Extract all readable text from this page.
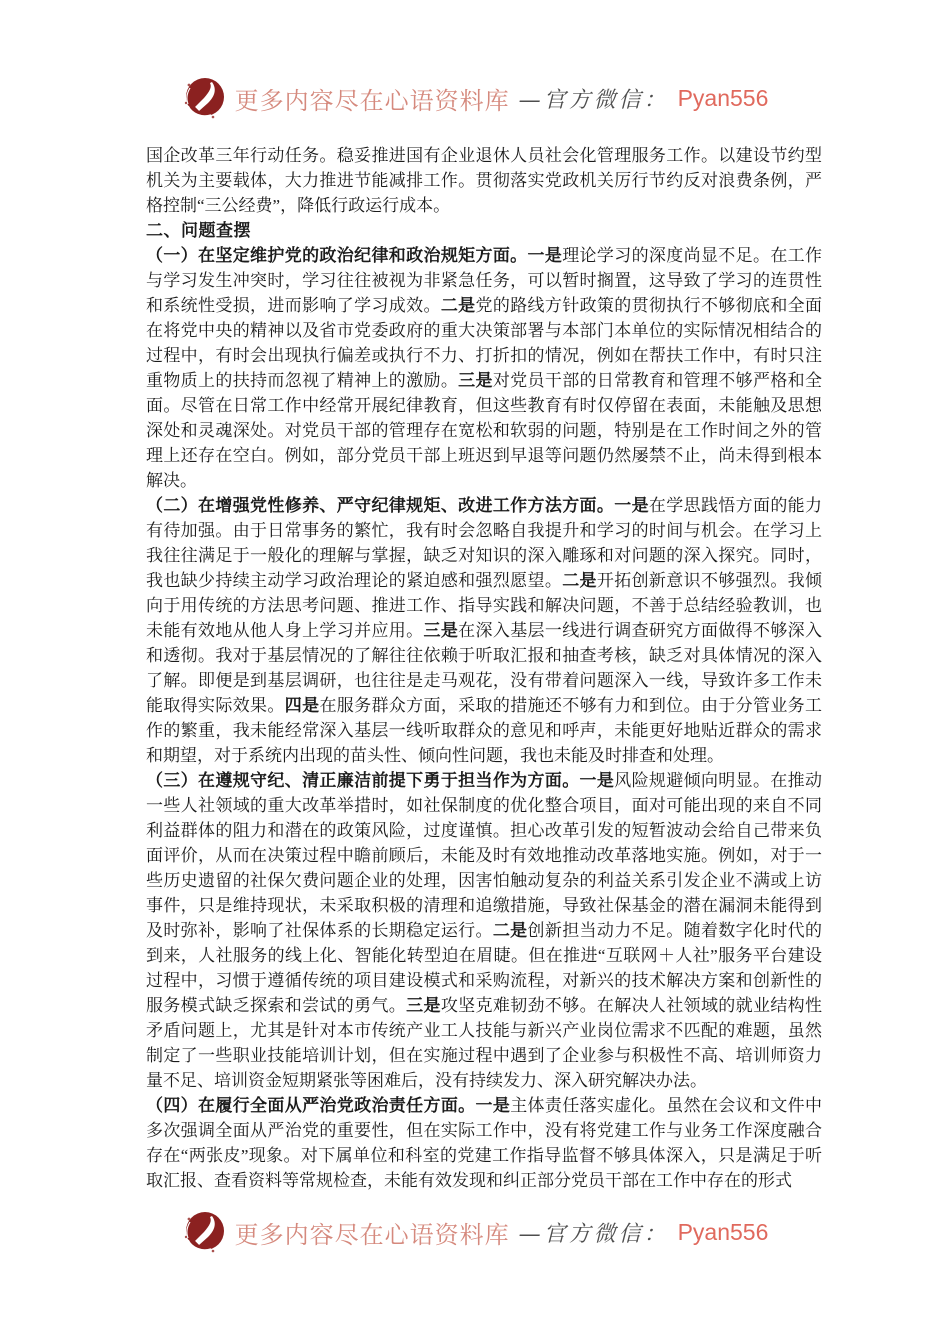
更多内容尽在心语资料库 —官方微信： Pyan556

国企改革三年行动任务。稳妥推进国有企业退休人员社会化管理服务工作。以建设节约型机关为主要载体，大力推进节能减排工作。贯彻落实党政机关厉行节约反对浪费条例，严格控制“三公经费”，降低行政运行成本。

二、问题查摆

（一）在坚定维护党的政治纪律和政治规矩方面。一是理论学习的深度尚显不足。在工作与学习发生冲突时，学习往往被视为非紧急任务，可以暂时搁置，这导致了学习的连贯性和系统性受损，进而影响了学习成效。二是党的路线方针政策的贯彻执行不够彻底和全面在将党中央的精神以及省市党委政府的重大决策部署与本部门本单位的实际情况相结合的过程中，有时会出现执行偏差或执行不力、打折扣的情况，例如在帮扶工作中，有时只注重物质上的扶持而忽视了精神上的激励。三是对党员干部的日常教育和管理不够严格和全面。尽管在日常工作中经常开展纪律教育，但这些教育有时仅停留在表面，未能触及思想深处和灵魂深处。对党员干部的管理存在宽松和软弱的问题，特别是在工作时间之外的管理上还存在空白。例如，部分党员干部上班迟到早退等问题仍然屡禁不止，尚未得到根本解决。

（二）在增强党性修养、严守纪律规矩、改进工作方法方面。一是在学思践悟方面的能力有待加强。由于日常事务的繁忙，我有时会忽略自我提升和学习的时间与机会。在学习上我往往满足于一般化的理解与掌握，缺乏对知识的深入雕琢和对问题的深入探究。同时，我也缺少持续主动学习政治理论的紧迫感和强烈愿望。二是开拓创新意识不够强烈。我倾向于用传统的方法思考问题、推进工作、指导实践和解决问题，不善于总结经验教训，也未能有效地从他人身上学习并应用。三是在深入基层一线进行调查研究方面做得不够深入和透彻。我对于基层情况的了解往往依赖于听取汇报和抽查考核，缺乏对具体情况的深入了解。即便是到基层调研，也往往是走马观花，没有带着问题深入一线，导致许多工作未能取得实际效果。四是在服务群众方面，采取的措施还不够有力和到位。由于分管业务工作的繁重，我未能经常深入基层一线听取群众的意见和呼声，未能更好地贴近群众的需求和期望，对于系统内出现的苗头性、倾向性问题，我也未能及时排查和处理。

（三）在遵规守纪、清正廉洁前提下勇于担当作为方面。一是风险规避倾向明显。在推动一些人社领域的重大改革举措时，如社保制度的优化整合项目，面对可能出现的来自不同利益群体的阻力和潜在的政策风险，过度谨慎。担心改革引发的短暂波动会给自己带来负面评价，从而在决策过程中瞻前顾后，未能及时有效地推动改革落地实施。例如，对于一些历史遗留的社保欠费问题企业的处理，因害怕触动复杂的利益关系引发企业不满或上访事件，只是维持现状，未采取积极的清理和追缴措施，导致社保基金的潜在漏洞未能得到及时弥补，影响了社保体系的长期稳定运行。二是创新担当动力不足。随着数字化时代的到来，人社服务的线上化、智能化转型迫在眉睫。但在推进“互联网＋人社”服务平台建设过程中，习惯于遵循传统的项目建设模式和采购流程，对新兴的技术解决方案和创新性的服务模式缺乏探索和尝试的勇气。三是攻坚克难韧劲不够。在解决人社领域的就业结构性矛盾问题上，尤其是针对本市传统产业工人技能与新兴产业岗位需求不匹配的难题，虽然制定了一些职业技能培训计划，但在实施过程中遇到了企业参与积极性不高、培训师资力量不足、培训资金短期紧张等困难后，没有持续发力、深入研究解决办法。

（四）在履行全面从严治党政治责任方面。一是主体责任落实虚化。虽然在会议和文件中多次强调全面从严治党的重要性，但在实际工作中，没有将党建工作与业务工作深度融合存在“两张皮”现象。对下属单位和科室的党建工作指导监督不够具体深入，只是满足于听取汇报、查看资料等常规检查，未能有效发现和纠正部分党员干部在工作中存在的形式

更多内容尽在心语资料库 —官方微信： Pyan556
